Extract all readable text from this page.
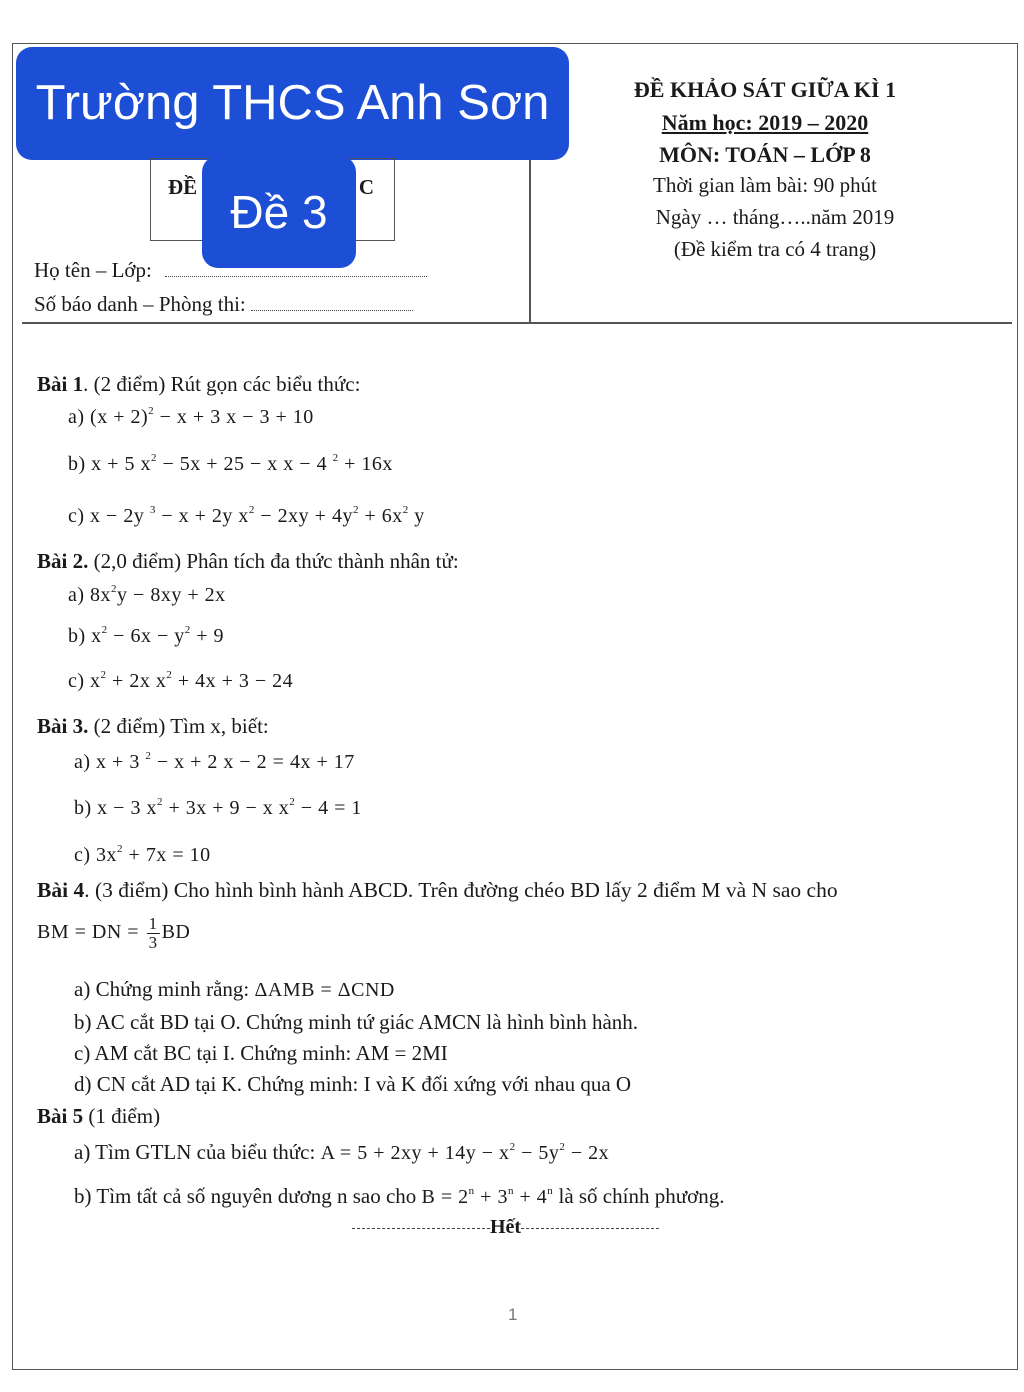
Trường THCS Anh Sơn
ĐỀ	C
Đề 3
Họ tên – Lớp:
Số báo danh – Phòng thi:
ĐỀ KHẢO SÁT GIỮA KÌ 1
Năm học: 2019 – 2020
MÔN: TOÁN – LỚP 8
Thời gian làm bài: 90 phút
Ngày … tháng…..năm 2019
(Đề kiểm tra có 4 trang)
Bài 1. (2 điểm) Rút gọn các biểu thức:
a) $(x + 2)^2 - x + 3$ x − 3 + 10
b) x + 5 $x^2 - 5x + 25 - x$ x − 4 $^2$ + 16x
c) x − 2y $^3$ − x + 2y $x^2 - 2xy + 4y^2 + 6x^2$ y
Bài 2. (2,0 điểm) Phân tích đa thức thành nhân tử:
a) $8x^2y - 8xy + 2x$
b) $x^2 - 6x - y^2 + 9$
c) $x^2 + 2x$ $x^2 + 4x + 3 - 24$
Bài 3. (2 điểm) Tìm x, biết:
a) x + 3 $^2$ − x + 2 x − 2 = 4x + 17
b) x − 3 $x^2 + 3x + 9 - x$ $x^2 - 4 = 1$
c) $3x^2 + 7x = 10$
Bài 4. (3 điểm) Cho hình bình hành ABCD. Trên đường chéo BD lấy 2 điểm M và N sao cho
BM = DN = $\frac{1}{3}$ BD
a) Chứng minh rằng: ΔAMB = ΔCND
b) AC cắt BD tại O. Chứng minh tứ giác AMCN là hình bình hành.
c) AM cắt BC tại I. Chứng minh: AM = 2MI
d) CN cắt AD tại K. Chứng minh: I và K đối xứng với nhau qua O
Bài 5 (1 điểm)
a) Tìm GTLN của biểu thức: $A = 5 + 2xy + 14y - x^2 - 5y^2 - 2x$
b) Tìm tất cả số nguyên dương n sao cho $B = 2^n + 3^n + 4^n$ là số chính phương.
Hết
1
